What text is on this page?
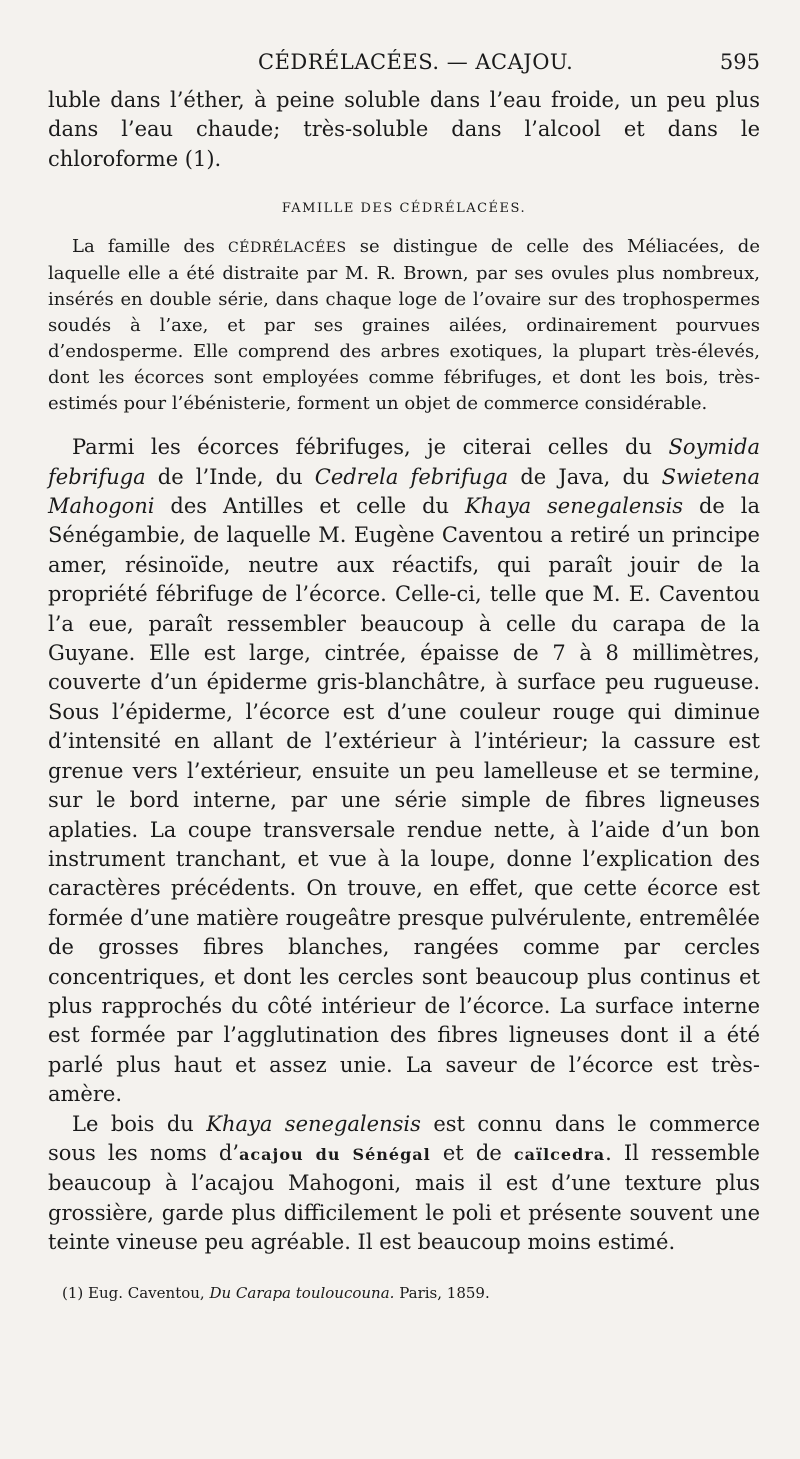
CÉDRÉLACÉES. — ACAJOU.	595

luble dans l’éther, à peine soluble dans l’eau froide, un peu plus dans l’eau chaude; très-soluble dans l’alcool et dans le chloroforme (1).

FAMILLE DES CÉDRÉLACÉES.

La famille des CÉDRÉLACÉES se distingue de celle des Méliacées, de laquelle elle a été distraite par M. R. Brown, par ses ovules plus nombreux, insérés en double série, dans chaque loge de l’ovaire sur des trophospermes soudés à l’axe, et par ses graines ailées, ordinairement pourvues d’endosperme. Elle comprend des arbres exotiques, la plupart très-élevés, dont les écorces sont employées comme fébrifuges, et dont les bois, très-estimés pour l’ébénisterie, forment un objet de commerce considérable.

Parmi les écorces fébrifuges, je citerai celles du Soymida febrifuga de l’Inde, du Cedrela febrifuga de Java, du Swietena Mahogoni des Antilles et celle du Khaya senegalensis de la Sénégambie, de laquelle M. Eugène Caventou a retiré un principe amer, résinoïde, neutre aux réactifs, qui paraît jouir de la propriété fébrifuge de l’écorce. Celle-ci, telle que M. E. Caventou l’a eue, paraît ressembler beaucoup à celle du carapa de la Guyane. Elle est large, cintrée, épaisse de 7 à 8 millimètres, couverte d’un épiderme gris-blanchâtre, à surface peu rugueuse. Sous l’épiderme, l’écorce est d’une couleur rouge qui diminue d’intensité en allant de l’extérieur à l’intérieur; la cassure est grenue vers l’extérieur, ensuite un peu lamelleuse et se termine, sur le bord interne, par une série simple de fibres ligneuses aplaties. La coupe transversale rendue nette, à l’aide d’un bon instrument tranchant, et vue à la loupe, donne l’explication des caractères précédents. On trouve, en effet, que cette écorce est formée d’une matière rougeâtre presque pulvérulente, entremêlée de grosses fibres blanches, rangées comme par cercles concentriques, et dont les cercles sont beaucoup plus continus et plus rapprochés du côté intérieur de l’écorce. La surface interne est formée par l’agglutination des fibres ligneuses dont il a été parlé plus haut et assez unie. La saveur de l’écorce est très-amère.

Le bois du Khaya senegalensis est connu dans le commerce sous les noms d’acajou du Sénégal et de caïlcedra. Il ressemble beaucoup à l’acajou Mahogoni, mais il est d’une texture plus grossière, garde plus difficilement le poli et présente souvent une teinte vineuse peu agréable. Il est beaucoup moins estimé.

(1) Eug. Caventou, Du Carapa touloucouna. Paris, 1859.
